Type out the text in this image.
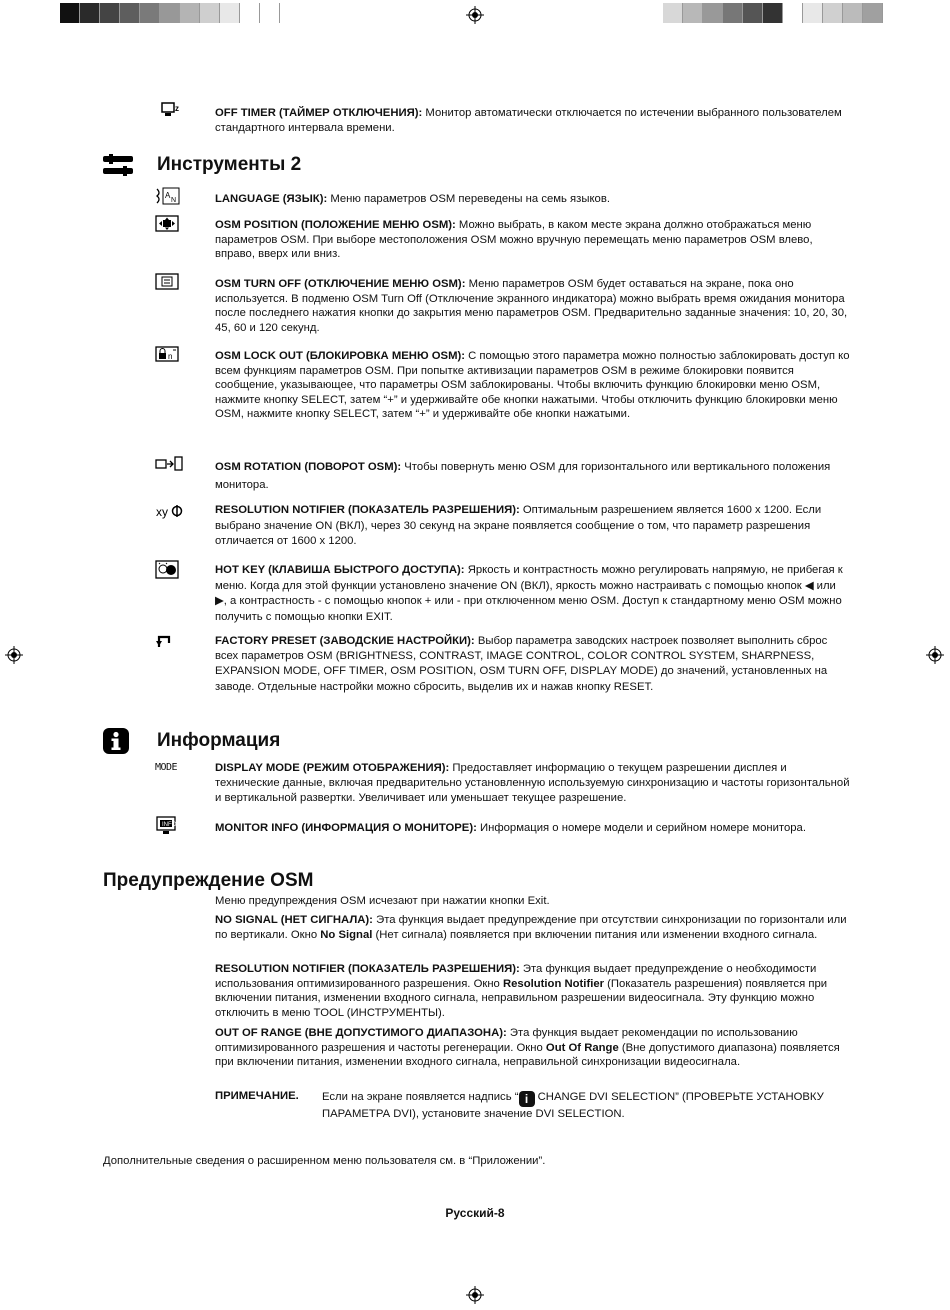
z	OFF TIMER (ТАЙМЕР ОТКЛЮЧЕНИЯ): Монитор автоматически отключается по истечении выбранного пользователем стандартного интервала времени.
Инструменты 2
A
N	LANGUAGE (ЯЗЫК): Меню параметров OSM переведены на семь языков.
OSM POSITION (ПОЛОЖЕНИЕ МЕНЮ OSM): Можно выбрать, в каком месте экрана должно отображаться меню параметров OSM. При выборе местоположения OSM можно вручную перемещать меню параметров OSM влево, вправо, вверх или вниз.
OSM TURN OFF (ОТКЛЮЧЕНИЕ МЕНЮ OSM): Меню параметров OSM будет оставаться на экране, пока оно используется. В подменю OSM Turn Off (Отключение экранного индикатора) можно выбрать время ожидания монитора после последнего нажатия кнопки до закрытия меню параметров OSM. Предварительно заданные значения: 10, 20, 30, 45, 60 и 120 секунд.
n	OSM LOCK OUT (БЛОКИРОВКА МЕНЮ OSM): С помощью этого параметра можно полностью заблокировать доступ ко всем функциям параметров OSM. При попытке активизации параметров OSM в режиме блокировки появится сообщение, указывающее, что параметры OSM заблокированы. Чтобы включить функцию блокировки меню OSM, нажмите кнопку SELECT, затем “+” и удерживайте обе кнопки нажатыми. Чтобы отключить функцию блокировки меню OSM, нажмите кнопку SELECT, затем “+” и удерживайте обе кнопки нажатыми.
OSM ROTATION (ПОВОРОТ OSM): Чтобы повернуть меню OSM для горизонтального или вертикального положения монитора.
xy	RESOLUTION NOTIFIER (ПОКАЗАТЕЛЬ РАЗРЕШЕНИЯ): Оптимальным разрешением является 1600 x 1200. Если выбрано значение ON (ВКЛ), через 30 секунд на экране появляется сообщение о том, что параметр разрешения отличается от 1600 x 1200.
HOT KEY (КЛАВИША БЫСТРОГО ДОСТУПА): Яркость и контрастность можно регулировать напрямую, не прибегая к меню. Когда для этой функции установлено значение ON (ВКЛ), яркость можно настраивать с помощью кнопок ◀ или ▶, а контрастность - с помощью кнопок + или - при отключенном меню OSM. Доступ к стандартному меню OSM можно получить с помощью кнопки EXIT.
FACTORY PRESET (ЗАВОДСКИЕ НАСТРОЙКИ): Выбор параметра заводских настроек позволяет выполнить сброс всех параметров OSM (BRIGHTNESS, CONTRAST, IMAGE CONTROL, COLOR CONTROL SYSTEM, SHARPNESS, EXPANSION MODE, OFF TIMER, OSM POSITION, OSM TURN OFF, DISPLAY MODE) до значений, установленных на заводе. Отдельные настройки можно сбросить, выделив их и нажав кнопку RESET.
Информация
MODE	DISPLAY MODE (РЕЖИМ ОТОБРАЖЕНИЯ): Предоставляет информацию о текущем разрешении дисплея и технические данные, включая предварительно установленную используемую синхронизацию и частоты горизонтальной и вертикальной развертки. Увеличивает или уменьшает текущее разрешение.
INFO	MONITOR INFO (ИНФОРМАЦИЯ О МОНИТОРЕ): Информация о номере модели и серийном номере монитора.
Предупреждение OSM
Меню предупреждения OSM исчезают при нажатии кнопки Exit.
NO SIGNAL (НЕТ СИГНАЛА): Эта функция выдает предупреждение при отсутствии синхронизации по горизонтали или по вертикали. Окно No Signal (Нет сигнала) появляется при включении питания или изменении входного сигнала.
RESOLUTION NOTIFIER (ПОКАЗАТЕЛЬ РАЗРЕШЕНИЯ): Эта функция выдает предупреждение о необходимости использования оптимизированного разрешения. Окно Resolution Notifier (Показатель разрешения) появляется при включении питания, изменении входного сигнала, неправильном разрешении видеосигнала. Эту функцию можно отключить в меню TOOL (ИНСТРУМЕНТЫ).
OUT OF RANGE (ВНЕ ДОПУСТИМОГО ДИАПАЗОНА): Эта функция выдает рекомендации по использованию оптимизированного разрешения и частоты регенерации. Окно Out Of Range (Вне допустимого диапазона) появляется при включении питания, изменении входного сигнала, неправильной синхронизации видеосигнала.
ПРИМЕЧАНИЕ. Если на экране появляется надпись “ i CHANGE DVI SELECTION” (ПРОВЕРЬТЕ УСТАНОВКУ ПАРАМЕТРА DVI), установите значение DVI SELECTION.
Дополнительные сведения о расширенном меню пользователя см. в “Приложении”.
Русский-8
